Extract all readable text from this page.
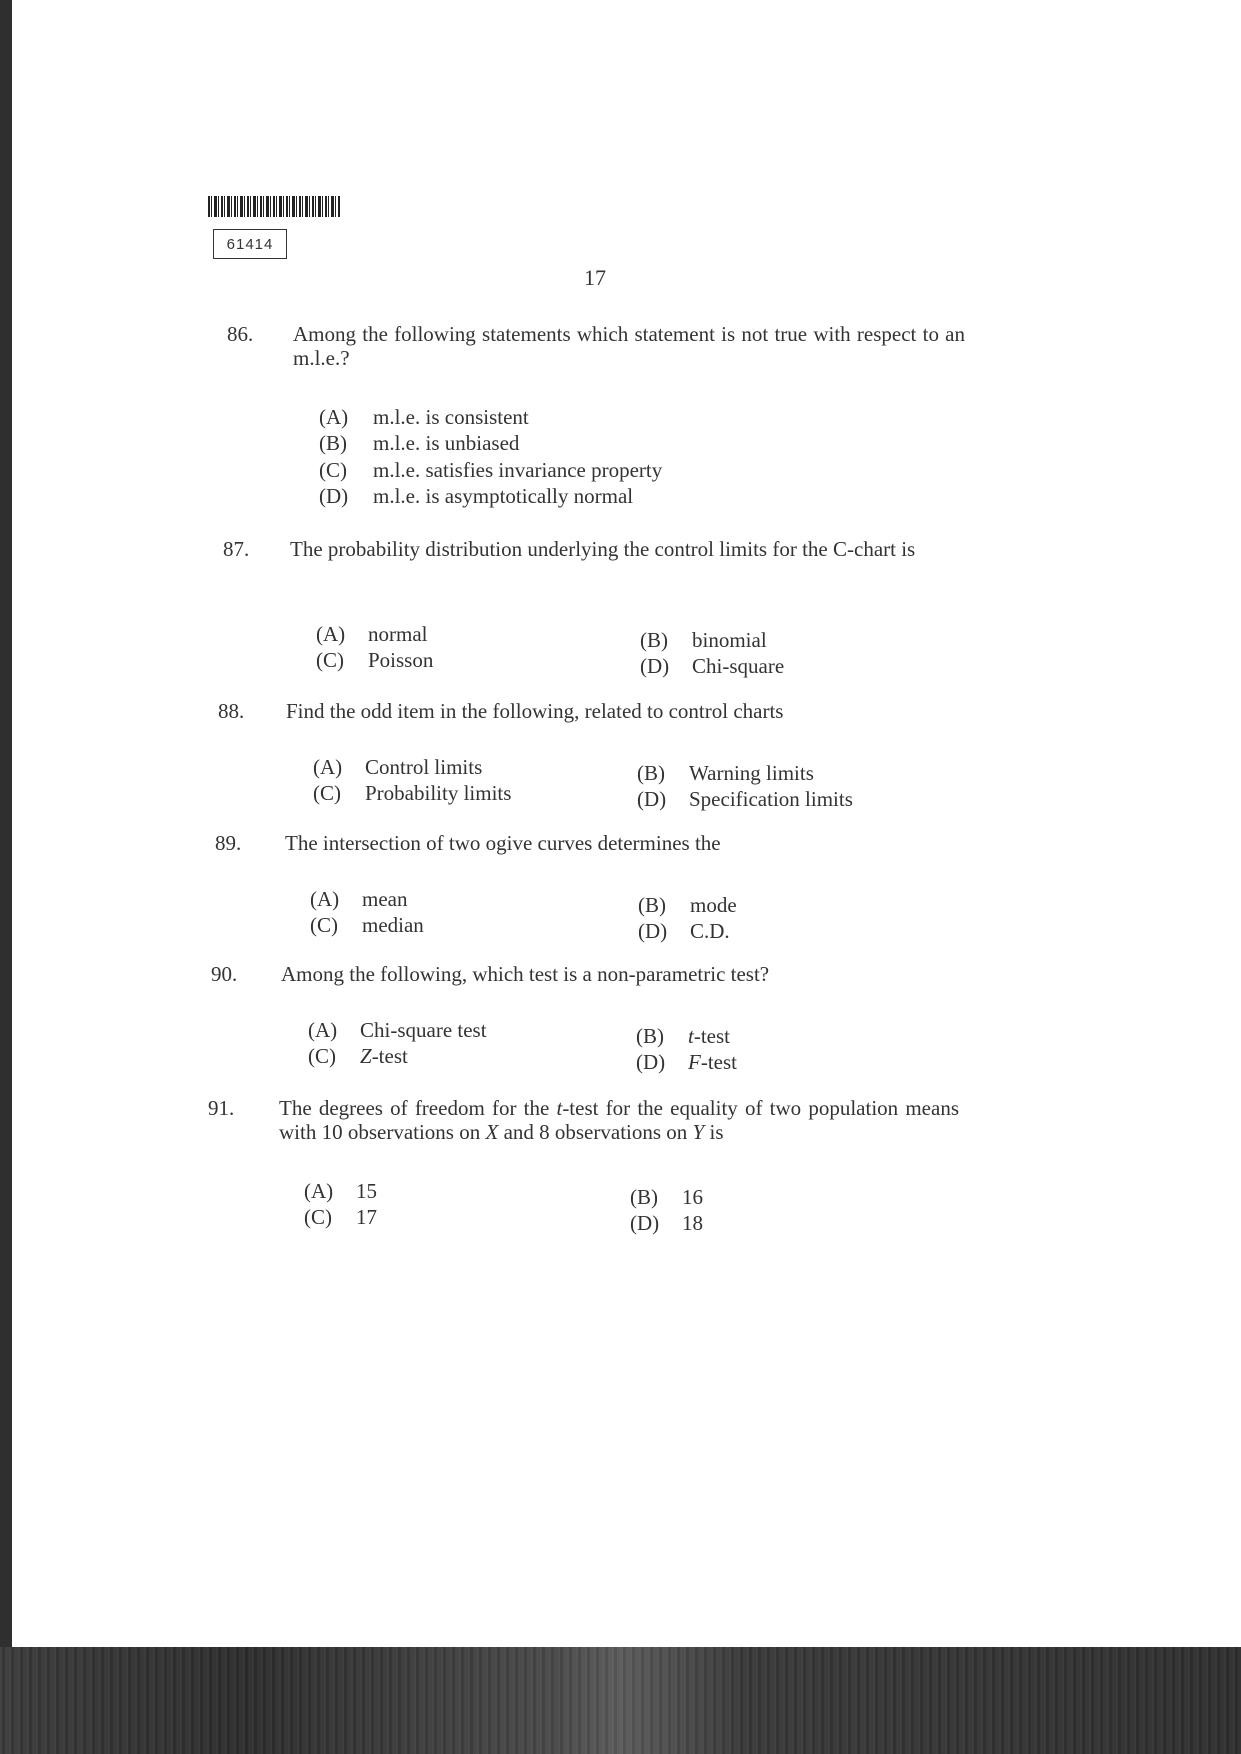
61414
17
86. Among the following statements which statement is not true with respect to an m.l.e.?
(A) m.l.e. is consistent
(B) m.l.e. is unbiased
(C) m.l.e. satisfies invariance property
(D) m.l.e. is asymptotically normal
87. The probability distribution underlying the control limits for the C-chart is
(A) normal	(B) binomial
(C) Poisson	(D) Chi-square
88. Find the odd item in the following, related to control charts
(A) Control limits	(B) Warning limits
(C) Probability limits	(D) Specification limits
89. The intersection of two ogive curves determines the
(A) mean	(B) mode
(C) median	(D) C.D.
90. Among the following, which test is a non-parametric test?
(A) Chi-square test	(B) t-test
(C) Z-test	(D) F-test
91. The degrees of freedom for the t-test for the equality of two population means with 10 observations on X and 8 observations on Y is
(A) 15	(B) 16
(C) 17	(D) 18
